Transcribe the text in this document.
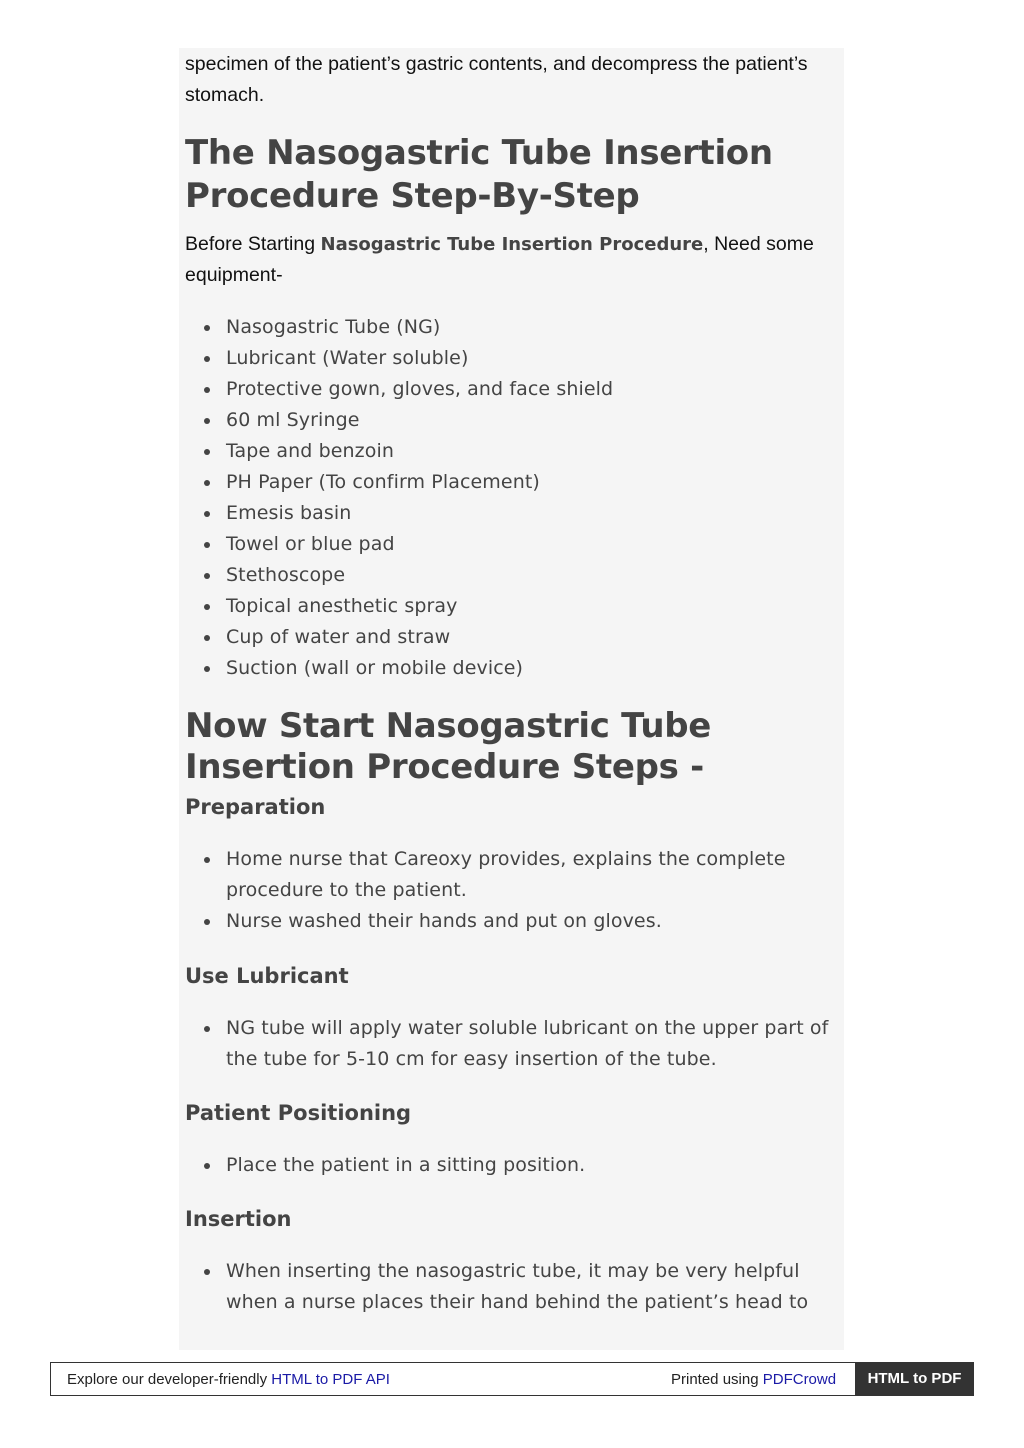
specimen of the patient’s gastric contents, and decompress the patient’s stomach.

The Nasogastric Tube Insertion Procedure Step-By-Step

Before Starting Nasogastric Tube Insertion Procedure, Need some equipment-

Nasogastric Tube (NG)
Lubricant (Water soluble)
Protective gown, gloves, and face shield
60 ml Syringe
Tape and benzoin
PH Paper (To confirm Placement)
Emesis basin
Towel or blue pad
Stethoscope
Topical anesthetic spray
Cup of water and straw
Suction (wall or mobile device)
Now Start Nasogastric Tube Insertion Procedure Steps -
Preparation
Home nurse that Careoxy provides, explains the complete procedure to the patient.
Nurse washed their hands and put on gloves.
Use Lubricant
NG tube will apply water soluble lubricant on the upper part of the tube for 5-10 cm for easy insertion of the tube.
Patient Positioning
Place the patient in a sitting position.
Insertion
When inserting the nasogastric tube, it may be very helpful when a nurse places their hand behind the patient’s head to
Explore our developer-friendly HTML to PDF API	Printed using PDFCrowd	HTML to PDF
